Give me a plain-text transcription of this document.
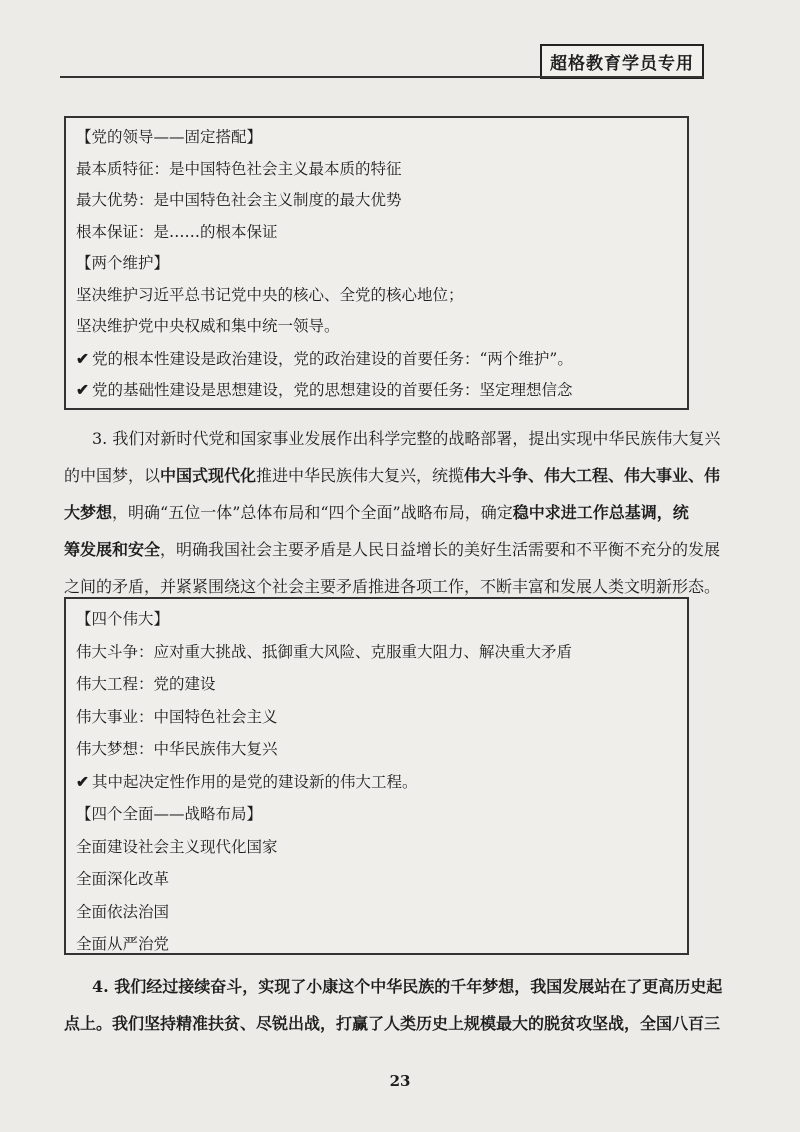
超格教育学员专用
【党的领导——固定搭配】
最本质特征：是中国特色社会主义最本质的特征
最大优势：是中国特色社会主义制度的最大优势
根本保证：是……的根本保证
【两个维护】
坚决维护习近平总书记党中央的核心、全党的核心地位；
坚决维护党中央权威和集中统一领导。
✔ 党的根本性建设是政治建设，党的政治建设的首要任务：“两个维护”。
✔ 党的基础性建设是思想建设，党的思想建设的首要任务：坚定理想信念
3. 我们对新时代党和国家事业发展作出科学完整的战略部署，提出实现中华民族伟大复兴
的中国梦，以中国式现代化推进中华民族伟大复兴，统揽伟大斗争、伟大工程、伟大事业、伟
大梦想，明确“五位一体”总体布局和“四个全面”战略布局，确定稳中求进工作总基调，统
筹发展和安全，明确我国社会主要矛盾是人民日益增长的美好生活需要和不平衡不充分的发展
之间的矛盾，并紧紧围绕这个社会主要矛盾推进各项工作，不断丰富和发展人类文明新形态。
【四个伟大】
伟大斗争：应对重大挑战、抵御重大风险、克服重大阻力、解决重大矛盾
伟大工程：党的建设
伟大事业：中国特色社会主义
伟大梦想：中华民族伟大复兴
✔ 其中起决定性作用的是党的建设新的伟大工程。
【四个全面——战略布局】
全面建设社会主义现代化国家
全面深化改革
全面依法治国
全面从严治党
4. 我们经过接续奋斗，实现了小康这个中华民族的千年梦想，我国发展站在了更高历史起
点上。我们坚持精准扶贫、尽锐出战，打赢了人类历史上规模最大的脱贫攻坚战，全国八百三
23
